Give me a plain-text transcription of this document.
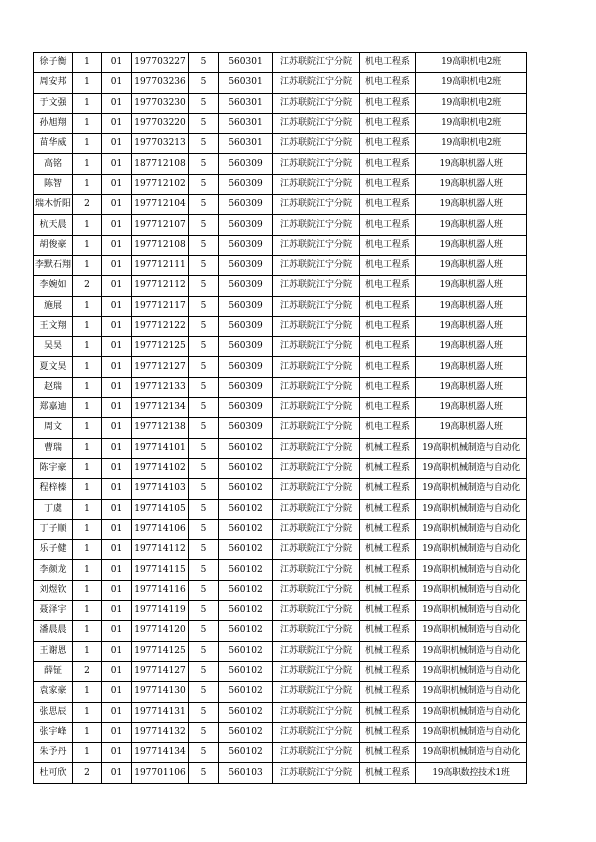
徐子衡	1	01	197703227	5	560301	江苏联院江宁分院	机电工程系	19高职机电2班
周安邦	1	01	197703236	5	560301	江苏联院江宁分院	机电工程系	19高职机电2班
于文强	1	01	197703230	5	560301	江苏联院江宁分院	机电工程系	19高职机电2班
孙旭翔	1	01	197703220	5	560301	江苏联院江宁分院	机电工程系	19高职机电2班
苗华威	1	01	197703213	5	560301	江苏联院江宁分院	机电工程系	19高职机电2班
高铭	1	01	187712108	5	560309	江苏联院江宁分院	机电工程系	19高职机器人班
陈智	1	01	197712102	5	560309	江苏联院江宁分院	机电工程系	19高职机器人班
瑞木忻阳	2	01	197712104	5	560309	江苏联院江宁分院	机电工程系	19高职机器人班
杭天晨	1	01	197712107	5	560309	江苏联院江宁分院	机电工程系	19高职机器人班
胡俊豪	1	01	197712108	5	560309	江苏联院江宁分院	机电工程系	19高职机器人班
李默石翔	1	01	197712111	5	560309	江苏联院江宁分院	机电工程系	19高职机器人班
李婉如	2	01	197712112	5	560309	江苏联院江宁分院	机电工程系	19高职机器人班
施展	1	01	197712117	5	560309	江苏联院江宁分院	机电工程系	19高职机器人班
王文翔	1	01	197712122	5	560309	江苏联院江宁分院	机电工程系	19高职机器人班
吴昊	1	01	197712125	5	560309	江苏联院江宁分院	机电工程系	19高职机器人班
夏文昊	1	01	197712127	5	560309	江苏联院江宁分院	机电工程系	19高职机器人班
赵瑞	1	01	197712133	5	560309	江苏联院江宁分院	机电工程系	19高职机器人班
郑嘉迪	1	01	197712134	5	560309	江苏联院江宁分院	机电工程系	19高职机器人班
周文	1	01	197712138	5	560309	江苏联院江宁分院	机电工程系	19高职机器人班
曹瑞	1	01	197714101	5	560102	江苏联院江宁分院	机械工程系	19高职机械制造与自动化
陈宇豪	1	01	197714102	5	560102	江苏联院江宁分院	机械工程系	19高职机械制造与自动化
程梓榛	1	01	197714103	5	560102	江苏联院江宁分院	机械工程系	19高职机械制造与自动化
丁虞	1	01	197714105	5	560102	江苏联院江宁分院	机械工程系	19高职机械制造与自动化
丁子顺	1	01	197714106	5	560102	江苏联院江宁分院	机械工程系	19高职机械制造与自动化
乐子健	1	01	197714112	5	560102	江苏联院江宁分院	机械工程系	19高职机械制造与自动化
李颜龙	1	01	197714115	5	560102	江苏联院江宁分院	机械工程系	19高职机械制造与自动化
刘煜钦	1	01	197714116	5	560102	江苏联院江宁分院	机械工程系	19高职机械制造与自动化
聂泽宇	1	01	197714119	5	560102	江苏联院江宁分院	机械工程系	19高职机械制造与自动化
潘晨晨	1	01	197714120	5	560102	江苏联院江宁分院	机械工程系	19高职机械制造与自动化
王谢恩	1	01	197714125	5	560102	江苏联院江宁分院	机械工程系	19高职机械制造与自动化
薛钲	2	01	197714127	5	560102	江苏联院江宁分院	机械工程系	19高职机械制造与自动化
袁家豪	1	01	197714130	5	560102	江苏联院江宁分院	机械工程系	19高职机械制造与自动化
张思辰	1	01	197714131	5	560102	江苏联院江宁分院	机械工程系	19高职机械制造与自动化
张宇峰	1	01	197714132	5	560102	江苏联院江宁分院	机械工程系	19高职机械制造与自动化
朱予丹	1	01	197714134	5	560102	江苏联院江宁分院	机械工程系	19高职机械制造与自动化
杜可欣	2	01	197701106	5	560103	江苏联院江宁分院	机械工程系	19高职数控技术1班
